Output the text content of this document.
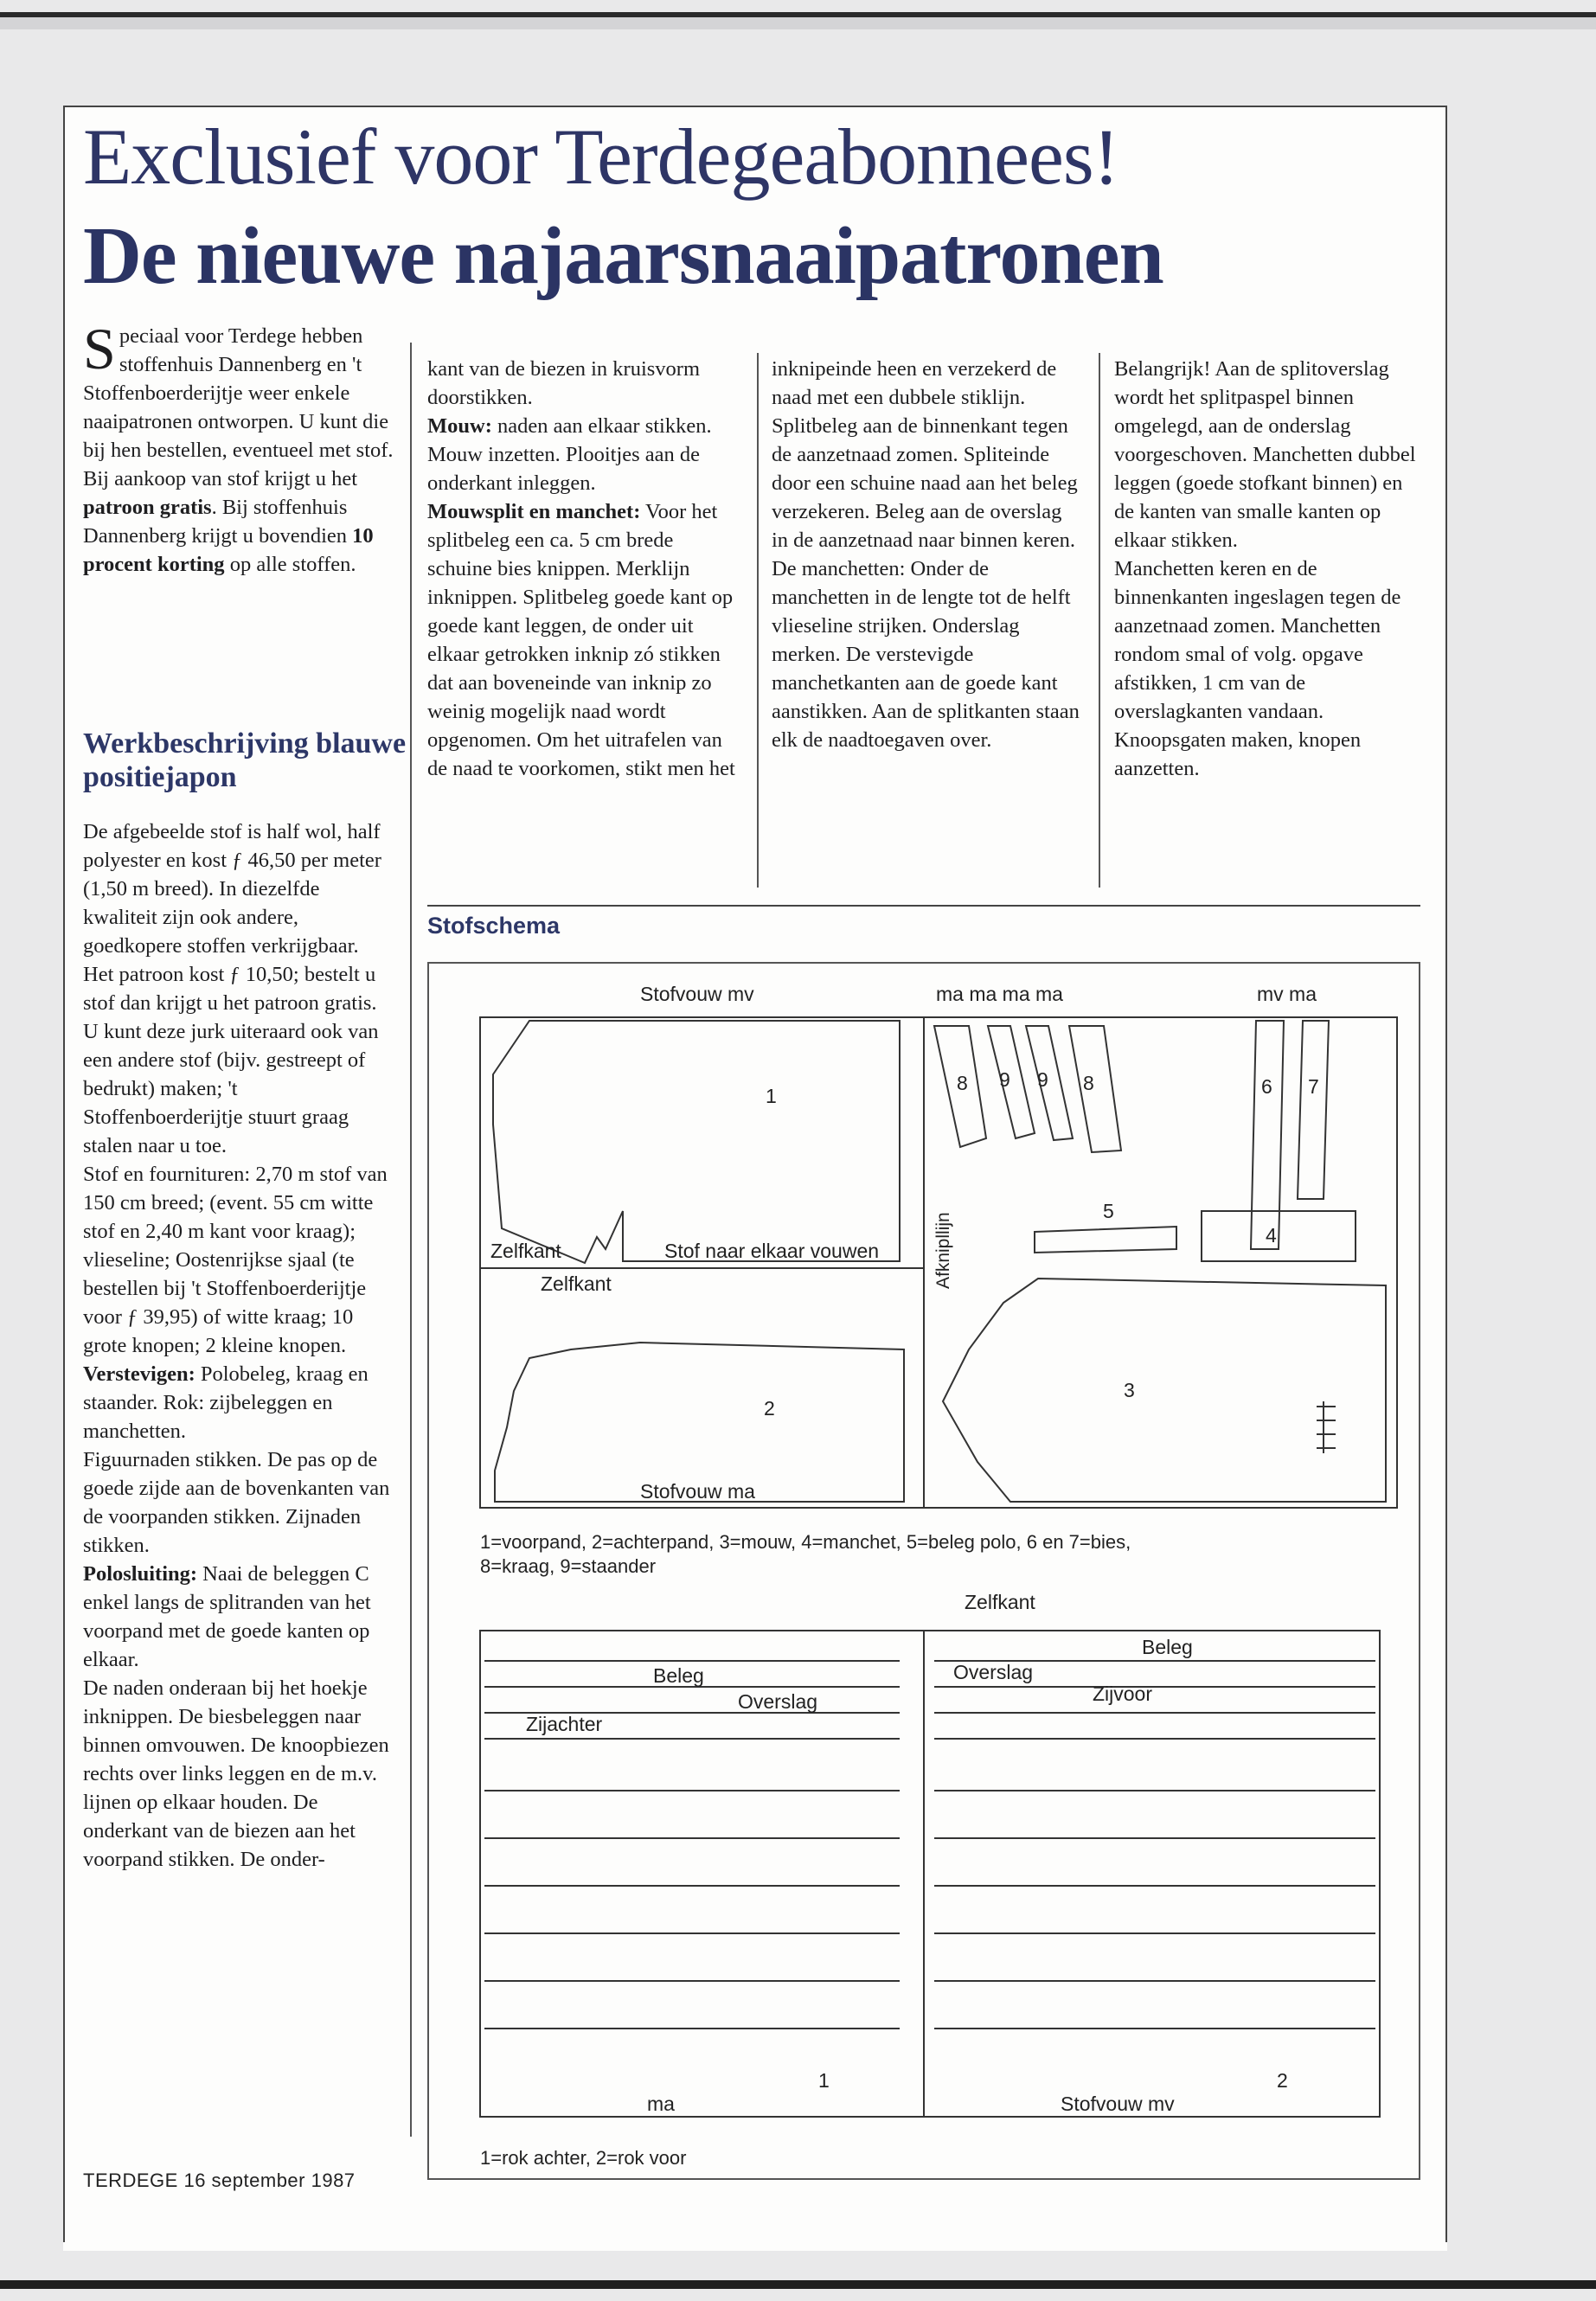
Exclusief voor Terdegeabonnees!
De nieuwe najaarsnaaipatronen

Speciaal voor Terdege hebben stoffenhuis Dannenberg en 't Stoffenboerderijtje weer enkele naaipatronen ontworpen. U kunt die bij hen bestellen, eventueel met stof. Bij aankoop van stof krijgt u het patroon gratis. Bij stoffenhuis Dannenberg krijgt u bovendien 10 procent korting op alle stoffen.

Werkbeschrijving blauwe positiejapon

De afgebeelde stof is half wol, half polyester en kost ƒ 46,50 per meter (1,50 m breed). In diezelfde kwaliteit zijn ook andere, goedkopere stoffen verkrijgbaar. Het patroon kost ƒ 10,50; bestelt u stof dan krijgt u het patroon gratis. U kunt deze jurk uiteraard ook van een andere stof (bijv. gestreept of bedrukt) maken; 't Stoffenboerderijtje stuurt graag stalen naar u toe.

Stof en fournituren: 2,70 m stof van 150 cm breed; (event. 55 cm witte stof en 2,40 m kant voor kraag); vlieseline; Oostenrijkse sjaal (te bestellen bij 't Stoffenboerderijtje voor ƒ 39,95) of witte kraag; 10 grote knopen; 2 kleine knopen. Verstevigen: Polobeleg, kraag en staander. Rok: zijbeleggen en manchetten.

Figuurnaden stikken. De pas op de goede zijde aan de bovenkanten van de voorpanden stikken. Zijnaden stikken.

Polosluiting: Naai de beleggen C enkel langs de splitranden van het voorpand met de goede kanten op elkaar.

De naden onderaan bij het hoekje inknippen. De biesbeleggen naar binnen omvouwen. De knoopbiezen rechts over links leggen en de m.v. lijnen op elkaar houden. De onderkant van de biezen aan het voorpand stikken. De onder-

kant van de biezen in kruisvorm doorstikken.

Mouw: naden aan elkaar stikken. Mouw inzetten. Plooitjes aan de onderkant inleggen.

Mouwsplit en manchet: Voor het splitbeleg een ca. 5 cm brede schuine bies knippen. Merklijn inknippen. Splitbeleg goede kant op goede kant leggen, de onder uit elkaar getrokken inknip zó stikken dat aan boveneinde van inknip zo weinig mogelijk naad wordt opgenomen. Om het uitrafelen van de naad te voorkomen, stikt men het

inknipeinde heen en verzekerd de naad met een dubbele stiklijn.

Splitbeleg aan de binnenkant tegen de aanzetnaad zomen. Spliteinde door een schuine naad aan het beleg verzekeren. Beleg aan de overslag in de aanzetnaad naar binnen keren.

De manchetten: Onder de manchetten in de lengte tot de helft vlieseline strijken. Onderslag merken. De verstevigde manchetkanten aan de goede kant aanstikken. Aan de splitkanten staan elk de naadtoegaven over.

Belangrijk! Aan de splitoverslag wordt het splitpaspel binnen omgelegd, aan de onderslag voorgeschoven. Manchetten dubbel leggen (goede stofkant binnen) en de kanten van smalle kanten op elkaar stikken.

Manchetten keren en de binnenkanten ingeslagen tegen de aanzetnaad zomen. Manchetten rondom smal of volg. opgave afstikken, 1 cm van de overslagkanten vandaan. Knoopsgaten maken, knopen aanzetten.

Stofschema
Stofvouw mv	ma ma ma ma	mv ma
1
8 9 9 8	6 7
5
4
3
2
Zelfkant
Zelfkant
Stof naar elkaar vouwen
Stofvouw ma
Afknipllijn
1=voorpand, 2=achterpand, 3=mouw, 4=manchet, 5=beleg polo, 6 en 7=bies,
8=kraag, 9=staander
Zelfkant
Beleg
Overslag
Zijachter
Overslag
Beleg
Zijvoor
ma
1
Stofvouw mv
2
1=rok achter, 2=rok voor
TERDEGE 16 september 1987
